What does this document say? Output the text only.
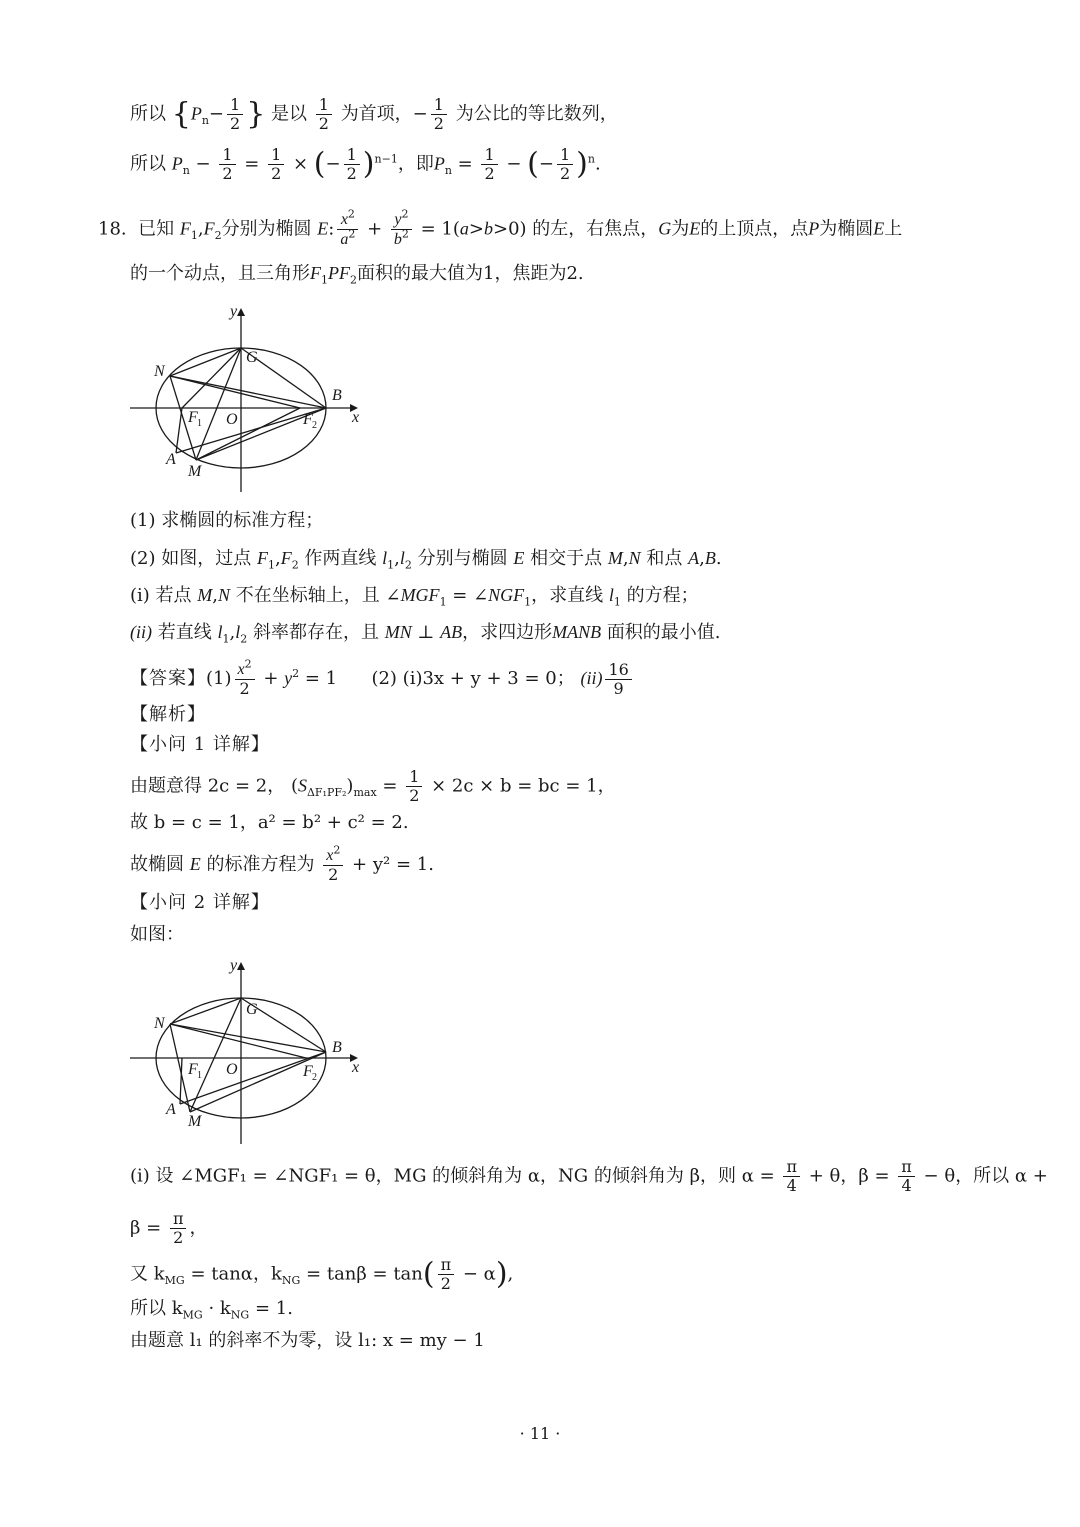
所以 {$P_n- \frac{1}{2}$ } 是以 $\frac{1}{2}$ 为首项，− $\frac{1}{2}$ 为公比的等比数列，
所以 $P_n - \frac{1}{2} = \frac{1}{2}$ × (− $\frac{1}{2} )^{n-1}$，即$P_n = \frac{1}{2}$ − (− $\frac{1}{2} )^n$.
18. 已知 $F_1,F_2$分别为椭圆 E: $\frac{x^2}{a^2} + \frac{y^2}{b^2} = 1(a>b>0)$ 的左，右焦点，G为E的上顶点，点P为椭圆E上
的一个动点，且三角形$F_1PF_2$面积的最大值为1，焦距为2.
y
x
G
N
B
F 1 O	F 2
A
M
(1) 求椭圆的标准方程；
(2) 如图，过点 $F_1,F_2$ 作两直线 $l_1,l_2$ 分别与椭圆 E 相交于点 M,N 和点 A,B.
(i) 若点 M,N 不在坐标轴上，且 $\angle MGF_1$ = $\angle NGF_1$，求直线 $l_1$ 的方程；
(ii) 若直线 $l_1,l_2$ 斜率都存在，且 MN ⊥ AB，求四边形MANB 面积的最小值.
【答案】$(1) \frac{x^2}{2} + y^2 = 1$      (2) (i)3x + y + 3 = 0； $(ii) \frac{16}{9}$
【解析】
【小问 1 详解】
由题意得 2c = 2， $(S_{\Delta F_1PF_2})_{max} = \frac{1}{2} \times 2c \times b$ = bc = 1，
故 b = c = 1，a² = b² + c² = 2.
故椭圆 E 的标准方程为 $\frac{x^2}{2} + y^2 = 1$.
【小问 2 详解】
如图：
y
x
G
N
B
F 1 O	F 2
A
M
(i) 设 ∠MGF₁ = ∠NGF₁ = θ，MG 的倾斜角为 α，NG 的倾斜角为 β，则 $\alpha = \frac{\pi}{4} + \theta$，$\beta = \frac{\pi}{4} - \theta$，所以 α +
$\beta = \frac{\pi}{2}$ ，
又 $k_{MG} = \tan\alpha$，$k_{NG} = \tan\beta = \tan( \frac{\pi}{2} - \alpha)$,
所以 $k_{MG} \cdot k_{NG} = 1$.
由题意 l₁ 的斜率不为零，设 l₁: x = my − 1
· 11 ·
